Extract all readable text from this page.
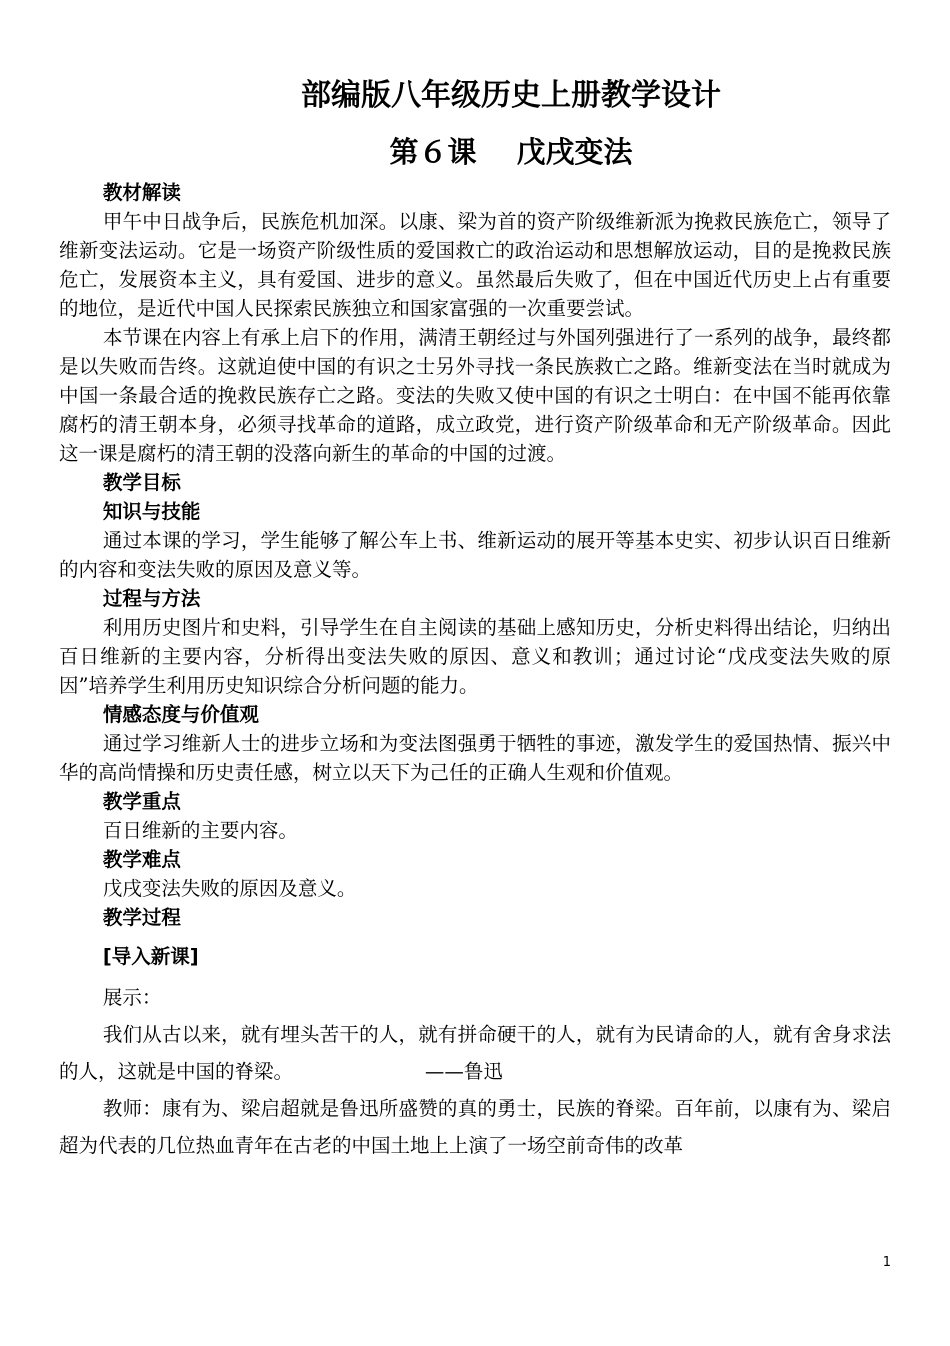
部编版八年级历史上册教学设计
第６课 戊戌变法

教材解读

甲午中日战争后，民族危机加深。以康、梁为首的资产阶级维新派为挽救民族危亡，领导了维新变法运动。它是一场资产阶级性质的爱国救亡的政治运动和思想解放运动，目的是挽救民族危亡，发展资本主义，具有爱国、进步的意义。虽然最后失败了，但在中国近代历史上占有重要的地位，是近代中国人民探索民族独立和国家富强的一次重要尝试。

本节课在内容上有承上启下的作用，满清王朝经过与外国列强进行了一系列的战争，最终都是以失败而告终。这就迫使中国的有识之士另外寻找一条民族救亡之路。维新变法在当时就成为中国一条最合适的挽救民族存亡之路。变法的失败又使中国的有识之士明白：在中国不能再依靠腐朽的清王朝本身，必须寻找革命的道路，成立政党，进行资产阶级革命和无产阶级革命。因此这一课是腐朽的清王朝的没落向新生的革命的中国的过渡。

教学目标

知识与技能

通过本课的学习，学生能够了解公车上书、维新运动的展开等基本史实、初步认识百日维新的内容和变法失败的原因及意义等。

过程与方法

利用历史图片和史料，引导学生在自主阅读的基础上感知历史，分析史料得出结论，归纳出百日维新的主要内容，分析得出变法失败的原因、意义和教训；通过讨论“戊戌变法失败的原因”培养学生利用历史知识综合分析问题的能力。

情感态度与价值观

通过学习维新人士的进步立场和为变法图强勇于牺牲的事迹，激发学生的爱国热情、振兴中华的高尚情操和历史责任感，树立以天下为己任的正确人生观和价值观。

教学重点

百日维新的主要内容。

教学难点

戊戌变法失败的原因及意义。

教学过程

[导入新课]

展示：

我们从古以来，就有埋头苦干的人，就有拼命硬干的人，就有为民请命的人，就有舍身求法的人，这就是中国的脊梁。	——鲁迅

教师：康有为、梁启超就是鲁迅所盛赞的真的勇士，民族的脊梁。百年前，以康有为、梁启超为代表的几位热血青年在古老的中国土地上上演了一场空前奇伟的改革

1
